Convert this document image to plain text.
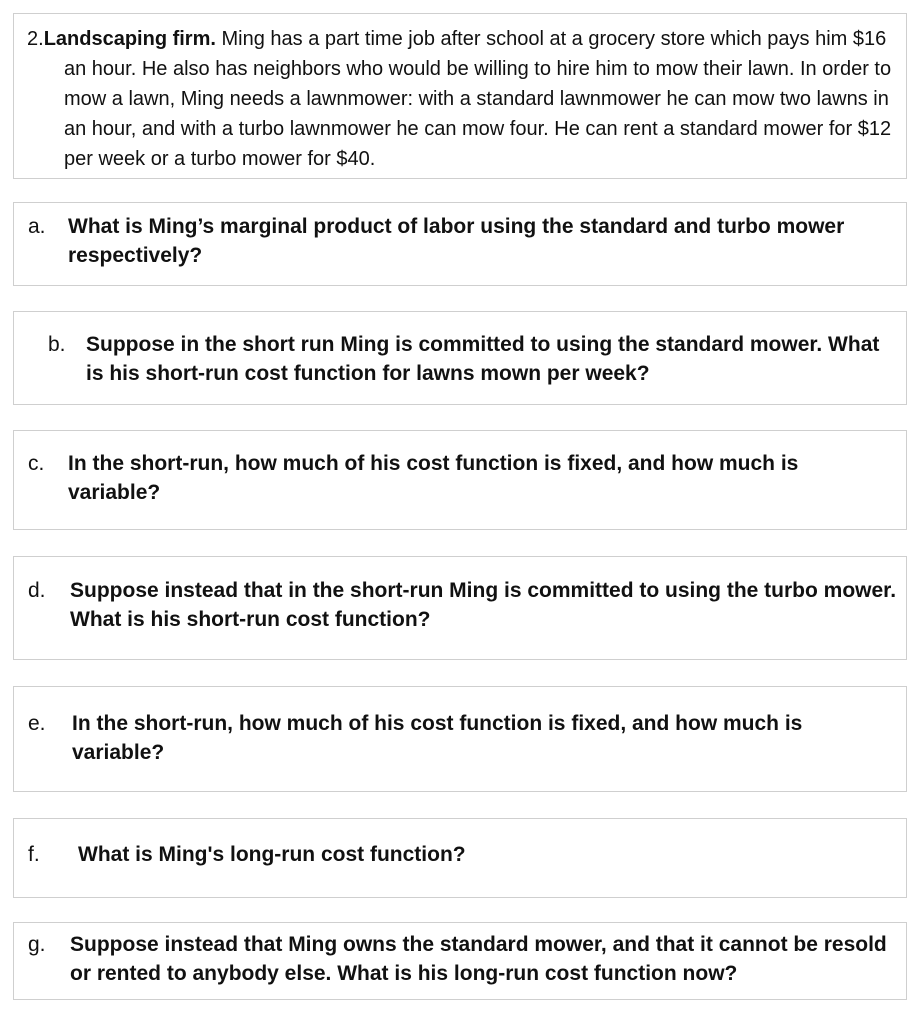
2.Landscaping firm. Ming has a part time job after school at a grocery store which pays him $16 an hour. He also has neighbors who would be willing to hire him to mow their lawn. In order to mow a lawn, Ming needs a lawnmower: with a standard lawnmower he can mow two lawns in an hour, and with a turbo lawnmower he can mow four. He can rent a standard mower for $12 per week or a turbo mower for $40.
a.	What is Ming’s marginal product of labor using the standard and turbo mower respectively?
b. Suppose in the short run Ming is committed to using the standard mower. What is his short-run cost function for lawns mown per week?
c.	In the short-run, how much of his cost function is fixed, and how much is variable?
d.	Suppose instead that in the short-run Ming is committed to using the turbo mower. What is his short-run cost function?
e.	In the short-run, how much of his cost function is fixed, and how much is variable?
f.	What is Ming's long-run cost function?
g.	Suppose instead that Ming owns the standard mower, and that it cannot be resold or rented to anybody else. What is his long-run cost function now?
